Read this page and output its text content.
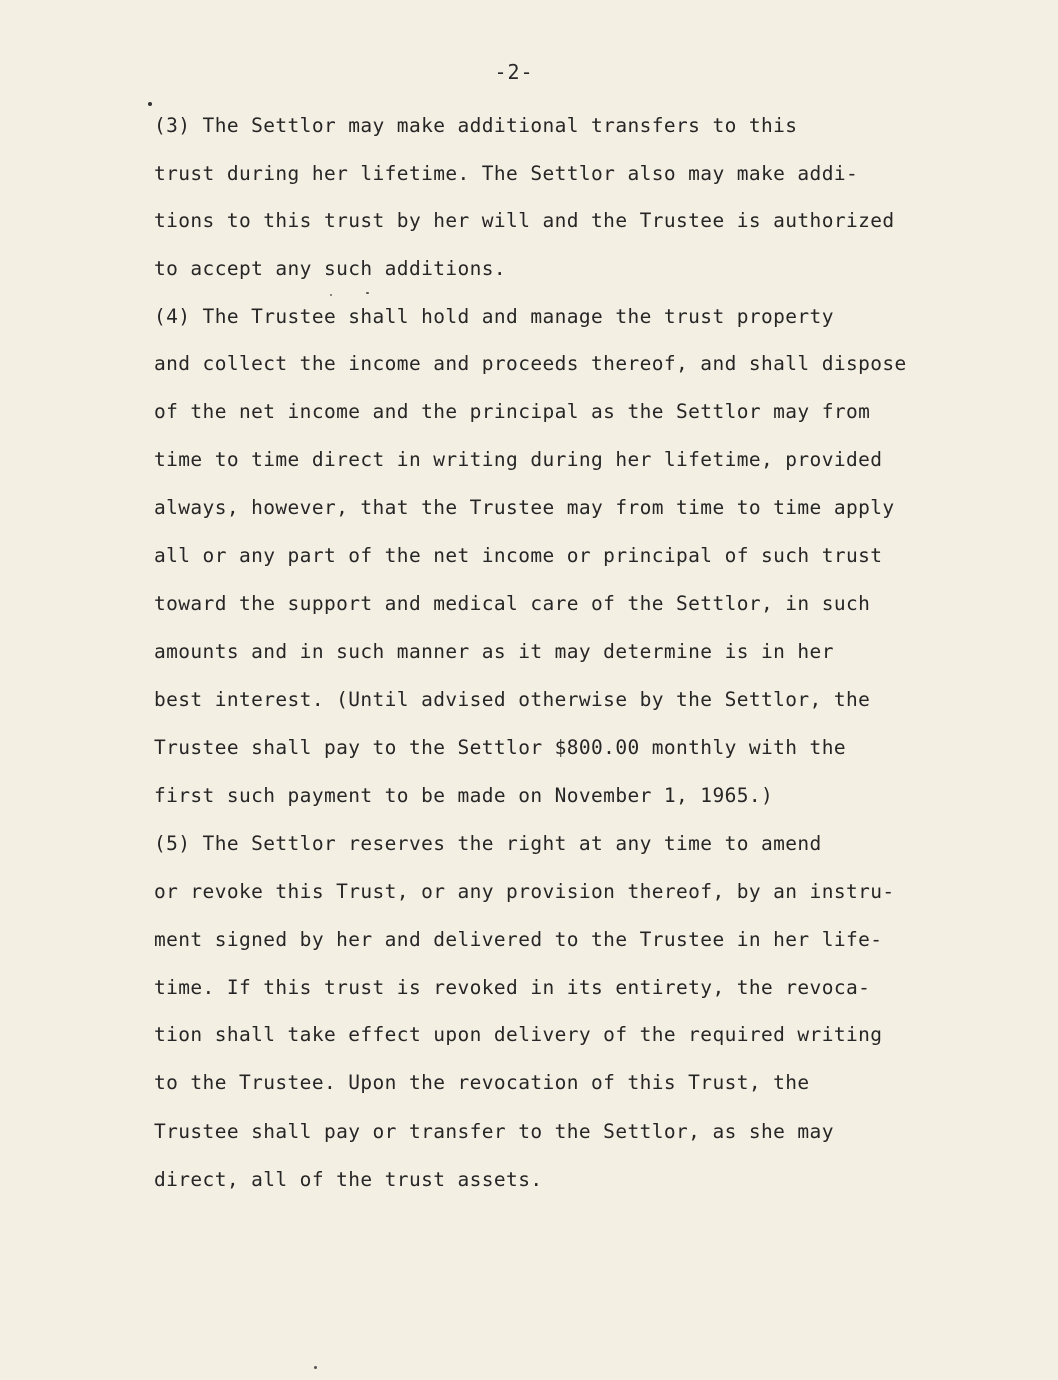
-2-
(3) The Settlor may make additional transfers to this
trust during her lifetime. The Settlor also may make addi-
tions to this trust by her will and the Trustee is authorized
to accept any such additions.
(4) The Trustee shall hold and manage the trust property
and collect the income and proceeds thereof, and shall dispose
of the net income and the principal as the Settlor may from
time to time direct in writing during her lifetime, provided
always, however, that the Trustee may from time to time apply
all or any part of the net income or principal of such trust
toward the support and medical care of the Settlor, in such
amounts and in such manner as it may determine is in her
best interest. (Until advised otherwise by the Settlor, the
Trustee shall pay to the Settlor $800.00 monthly with the
first such payment to be made on November 1, 1965.)
(5) The Settlor reserves the right at any time to amend
or revoke this Trust, or any provision thereof, by an instru-
ment signed by her and delivered to the Trustee in her life-
time. If this trust is revoked in its entirety, the revoca-
tion shall take effect upon delivery of the required writing
to the Trustee. Upon the revocation of this Trust, the
Trustee shall pay or transfer to the Settlor, as she may
direct, all of the trust assets.
